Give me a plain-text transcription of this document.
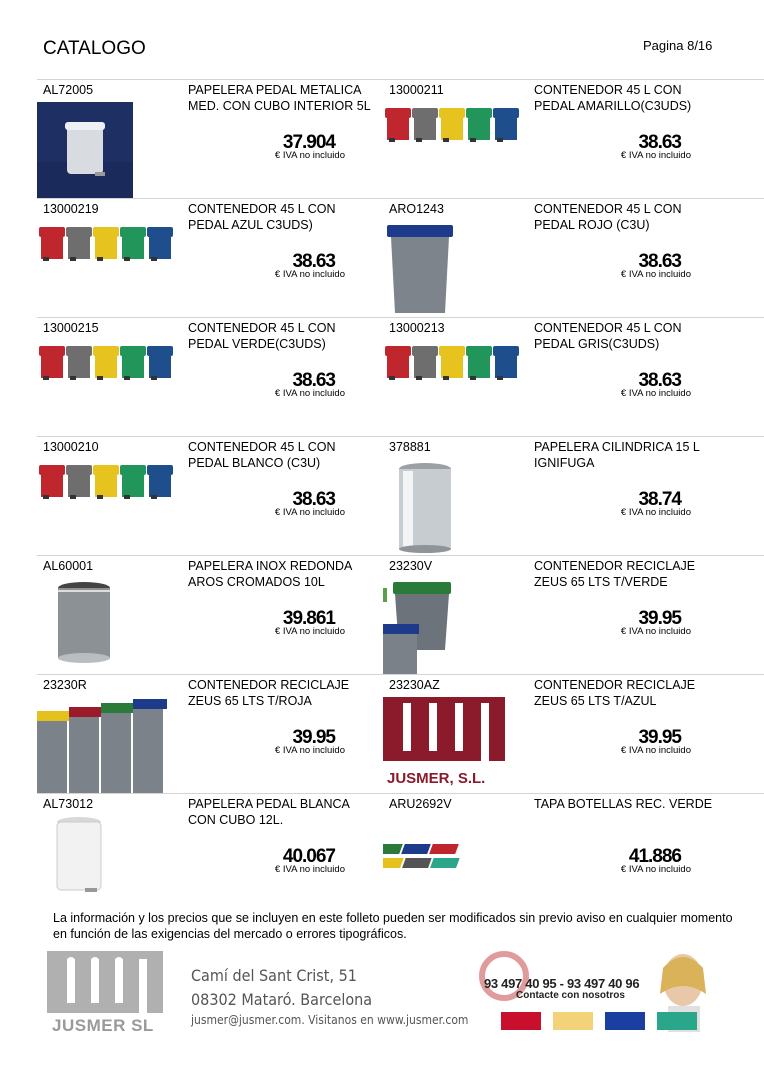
CATALOGO	Pagina 8/16
AL72005	PAPELERA PEDAL METALICA MED. CON CUBO INTERIOR 5L
37.904
€ IVA no incluido
13000211	CONTENEDOR 45 L CON PEDAL AMARILLO(C3UDS)
38.63
€ IVA no incluido
13000219	CONTENEDOR 45 L CON PEDAL AZUL C3UDS)
38.63
€ IVA no incluido
ARO1243	CONTENEDOR 45 L CON PEDAL ROJO (C3U)
38.63
€ IVA no incluido
13000215	CONTENEDOR 45 L CON PEDAL VERDE(C3UDS)
38.63
€ IVA no incluido
13000213	CONTENEDOR 45 L CON PEDAL GRIS(C3UDS)
38.63
€ IVA no incluido
13000210	CONTENEDOR 45 L CON PEDAL BLANCO (C3U)
38.63
€ IVA no incluido
378881	PAPELERA CILINDRICA 15 L IGNIFUGA
38.74
€ IVA no incluido
AL60001	PAPELERA INOX REDONDA AROS CROMADOS 10L
39.861
€ IVA no incluido
23230V	CONTENEDOR RECICLAJE ZEUS 65 LTS T/VERDE
39.95
€ IVA no incluido
23230R	CONTENEDOR RECICLAJE ZEUS 65 LTS T/ROJA
39.95
€ IVA no incluido
23230AZ	CONTENEDOR RECICLAJE ZEUS 65 LTS T/AZUL
39.95
€ IVA no incluido
JUSMER, S.L.
AL73012	PAPELERA PEDAL BLANCA CON CUBO 12L.
40.067
€ IVA no incluido
ARU2692V	TAPA BOTELLAS REC. VERDE
41.886
€ IVA no incluido
La información y los precios que se incluyen en este folleto pueden ser modificados sin previo aviso en cualquier momento en función de las exigencias del mercado o errores tipográficos.
JUSMER SL
Camí del Sant Crist, 51
08302 Mataró. Barcelona
jusmer@jusmer.com. Visitanos en www.jusmer.com
93 497 40 95 - 93 497 40 96
Contacte con nosotros
